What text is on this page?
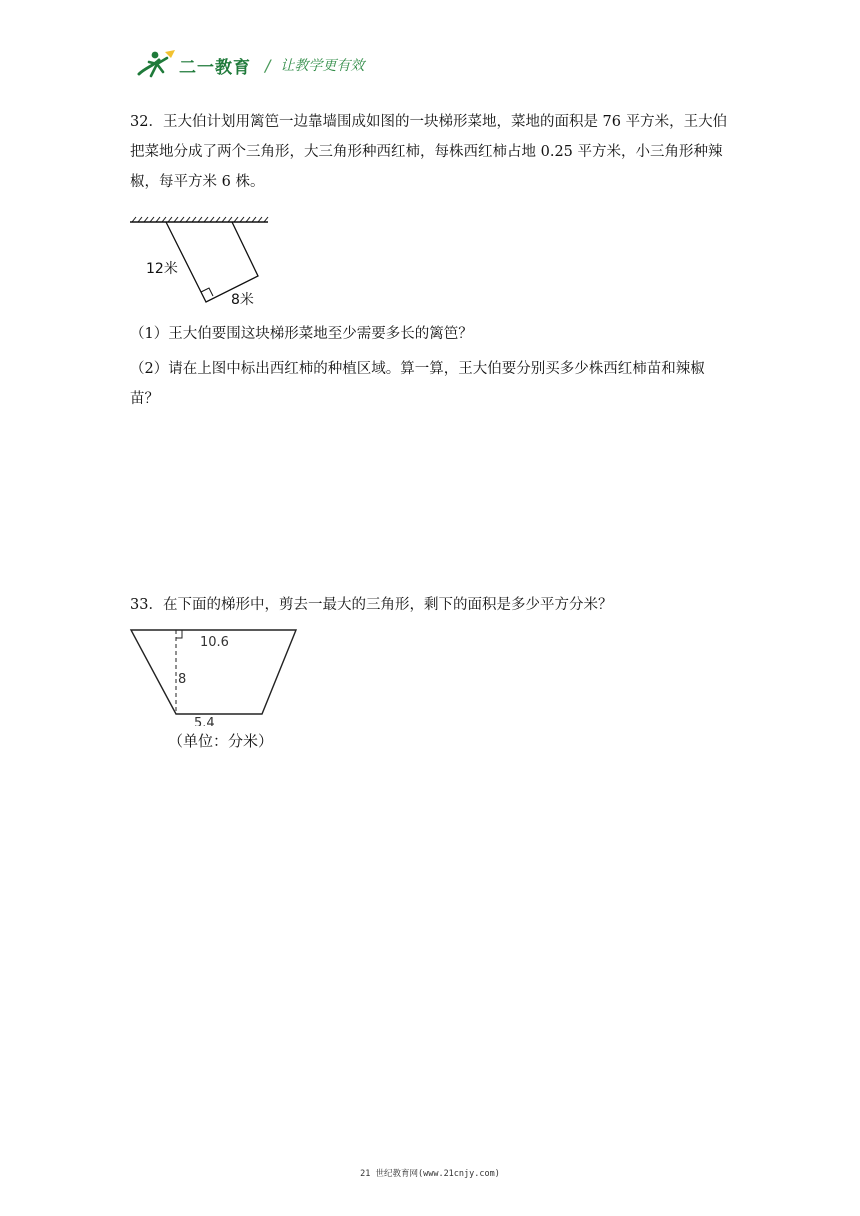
二一教育 / 让教学更有效
32．王大伯计划用篱笆一边靠墙围成如图的一块梯形菜地，菜地的面积是 76 平方米，王大伯把菜地分成了两个三角形，大三角形种西红柿，每株西红柿占地 0.25 平方米，小三角形种辣椒，每平方米 6 株。
12米
8米
（1）王大伯要围这块梯形菜地至少需要多长的篱笆？
（2）请在上图中标出西红柿的种植区域。算一算，王大伯要分别买多少株西红柿苗和辣椒苗？
33．在下面的梯形中，剪去一最大的三角形，剩下的面积是多少平方分米？
10.6
8
5.4
（单位：分米）
21 世纪教育网(www.21cnjy.com)
